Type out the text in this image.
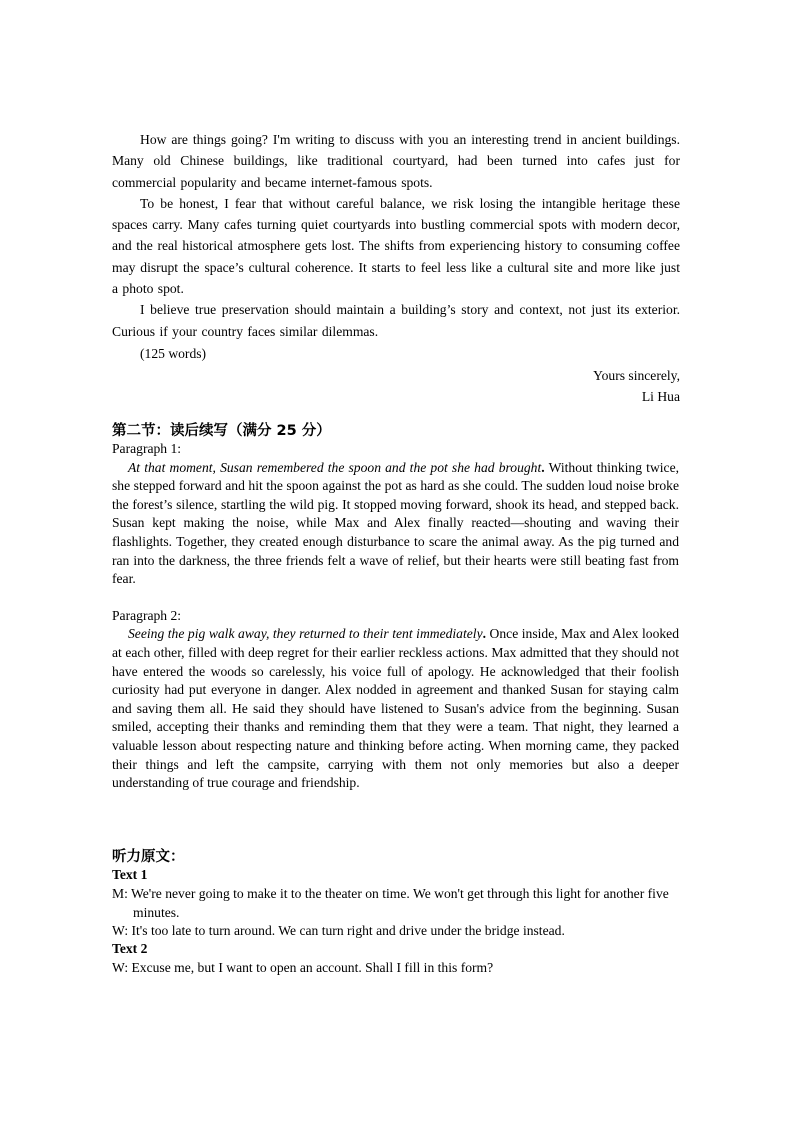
How are things going? I'm writing to discuss with you an interesting trend in ancient buildings. Many old Chinese buildings, like traditional courtyard, had been turned into cafes just for commercial popularity and became internet-famous spots.

To be honest, I fear that without careful balance, we risk losing the intangible heritage these spaces carry. Many cafes turning quiet courtyards into bustling commercial spots with modern decor, and the real historical atmosphere gets lost. The shifts from experiencing history to consuming coffee may disrupt the space’s cultural coherence. It starts to feel less like a cultural site and more like just a photo spot.

I believe true preservation should maintain a building’s story and context, not just its exterior. Curious if your country faces similar dilemmas.

(125 words)
Yours sincerely,
Li Hua
第二节：读后续写（满分 25 分）

Paragraph 1:

At that moment, Susan remembered the spoon and the pot she had brought. Without thinking twice, she stepped forward and hit the spoon against the pot as hard as she could. The sudden loud noise broke the forest’s silence, startling the wild pig. It stopped moving forward, shook its head, and stepped back. Susan kept making the noise, while Max and Alex finally reacted—shouting and waving their flashlights. Together, they created enough disturbance to scare the animal away. As the pig turned and ran into the darkness, the three friends felt a wave of relief, but their hearts were still beating fast from fear.

Paragraph 2:

Seeing the pig walk away, they returned to their tent immediately. Once inside, Max and Alex looked at each other, filled with deep regret for their earlier reckless actions. Max admitted that they should not have entered the woods so carelessly, his voice full of apology. He acknowledged that their foolish curiosity had put everyone in danger. Alex nodded in agreement and thanked Susan for staying calm and saving them all. He said they should have listened to Susan's advice from the beginning. Susan smiled, accepting their thanks and reminding them that they were a team. That night, they learned a valuable lesson about respecting nature and thinking before acting. When morning came, they packed their things and left the campsite, carrying with them not only memories but also a deeper understanding of true courage and friendship.

听力原文：
Text 1
M: We're never going to make it to the theater on time. We won't get through this light for another five minutes.
W: It's too late to turn around. We can turn right and drive under the bridge instead.
Text 2
W: Excuse me, but I want to open an account. Shall I fill in this form?
